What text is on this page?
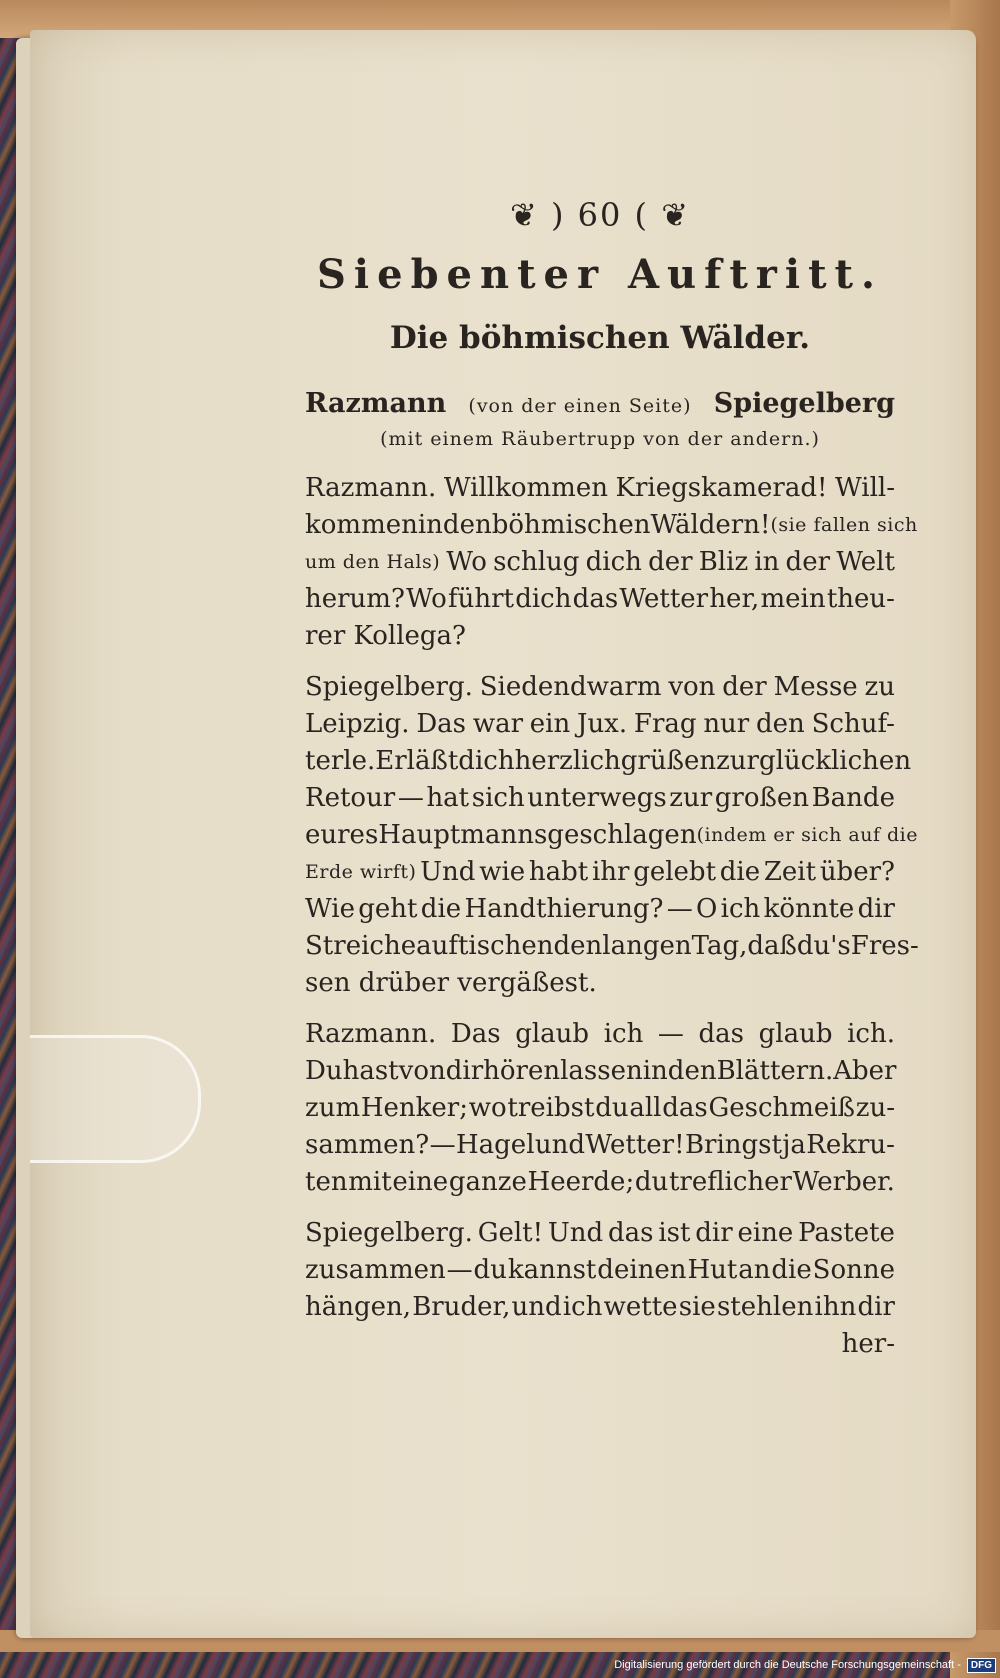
❦ ) 60 ( ❦
Siebenter Auftritt.
Die böhmischen Wälder.
Razmann (von der einen Seite) Spiegelberg
(mit einem Räubertrupp von der andern.)
Razmann. Willkommen Kriegskamerad! Will-
kommen in den böhmischen Wäldern! (sie fallen sich
um den Hals) Wo schlug dich der Bliz in der Welt
herum? Wo führt dich das Wetter her, mein theu-
rer Kollega?
Spiegelberg. Siedendwarm von der Messe zu
Leipzig. Das war ein Jux. Frag nur den Schuf-
terle. Er läßt dich herzlich grüßen zur glücklichen
Retour — hat sich unterwegs zur großen Bande
eures Hauptmanns geschlagen (indem er sich auf die
Erde wirft) Und wie habt ihr gelebt die Zeit über?
Wie geht die Handthierung? — O ich könnte dir
Streiche auftischen den langen Tag, daß du's Fres-
sen drüber vergäßest.
Razmann. Das glaub ich — das glaub ich.
Du hast von dir hören lassen in den Blättern. Aber
zum Henker; wo treibst du all das Geschmeiß zu-
sammen? — Hagel und Wetter! Bringst ja Rekru-
ten mit eine ganze Heerde; du treflicher Werber.
Spiegelberg. Gelt! Und das ist dir eine Pastete
zusammen — du kannst deinen Hut an die Sonne
hängen, Bruder, und ich wette sie stehlen ihn dir
her-
Digitalisierung gefördert durch die Deutsche Forschungsgemeinschaft -	DFG
